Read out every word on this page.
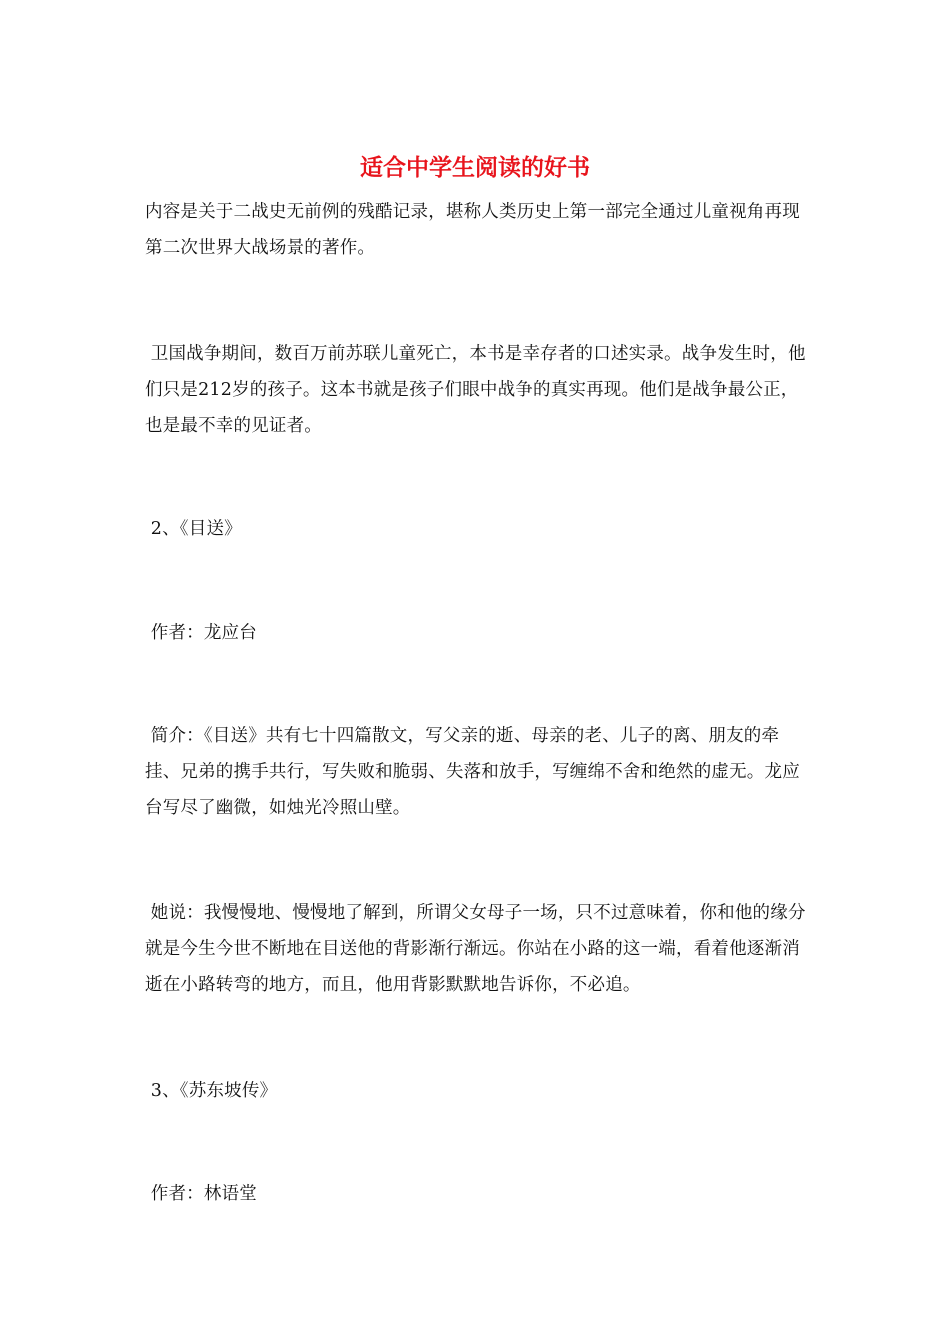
适合中学生阅读的好书

内容是关于二战史无前例的残酷记录，堪称人类历史上第一部完全通过儿童视角再现第二次世界大战场景的著作。

卫国战争期间，数百万前苏联儿童死亡，本书是幸存者的口述实录。战争发生时，他们只是212岁的孩子。这本书就是孩子们眼中战争的真实再现。他们是战争最公正，也是最不幸的见证者。

2、《目送》

作者：龙应台

简介：《目送》共有七十四篇散文，写父亲的逝、母亲的老、儿子的离、朋友的牵挂、兄弟的携手共行，写失败和脆弱、失落和放手，写缠绵不舍和绝然的虚无。龙应台写尽了幽微，如烛光冷照山壁。

她说：我慢慢地、慢慢地了解到，所谓父女母子一场，只不过意味着，你和他的缘分就是今生今世不断地在目送他的背影渐行渐远。你站在小路的这一端，看着他逐渐消逝在小路转弯的地方，而且，他用背影默默地告诉你，不必追。

3、《苏东坡传》

作者：林语堂
